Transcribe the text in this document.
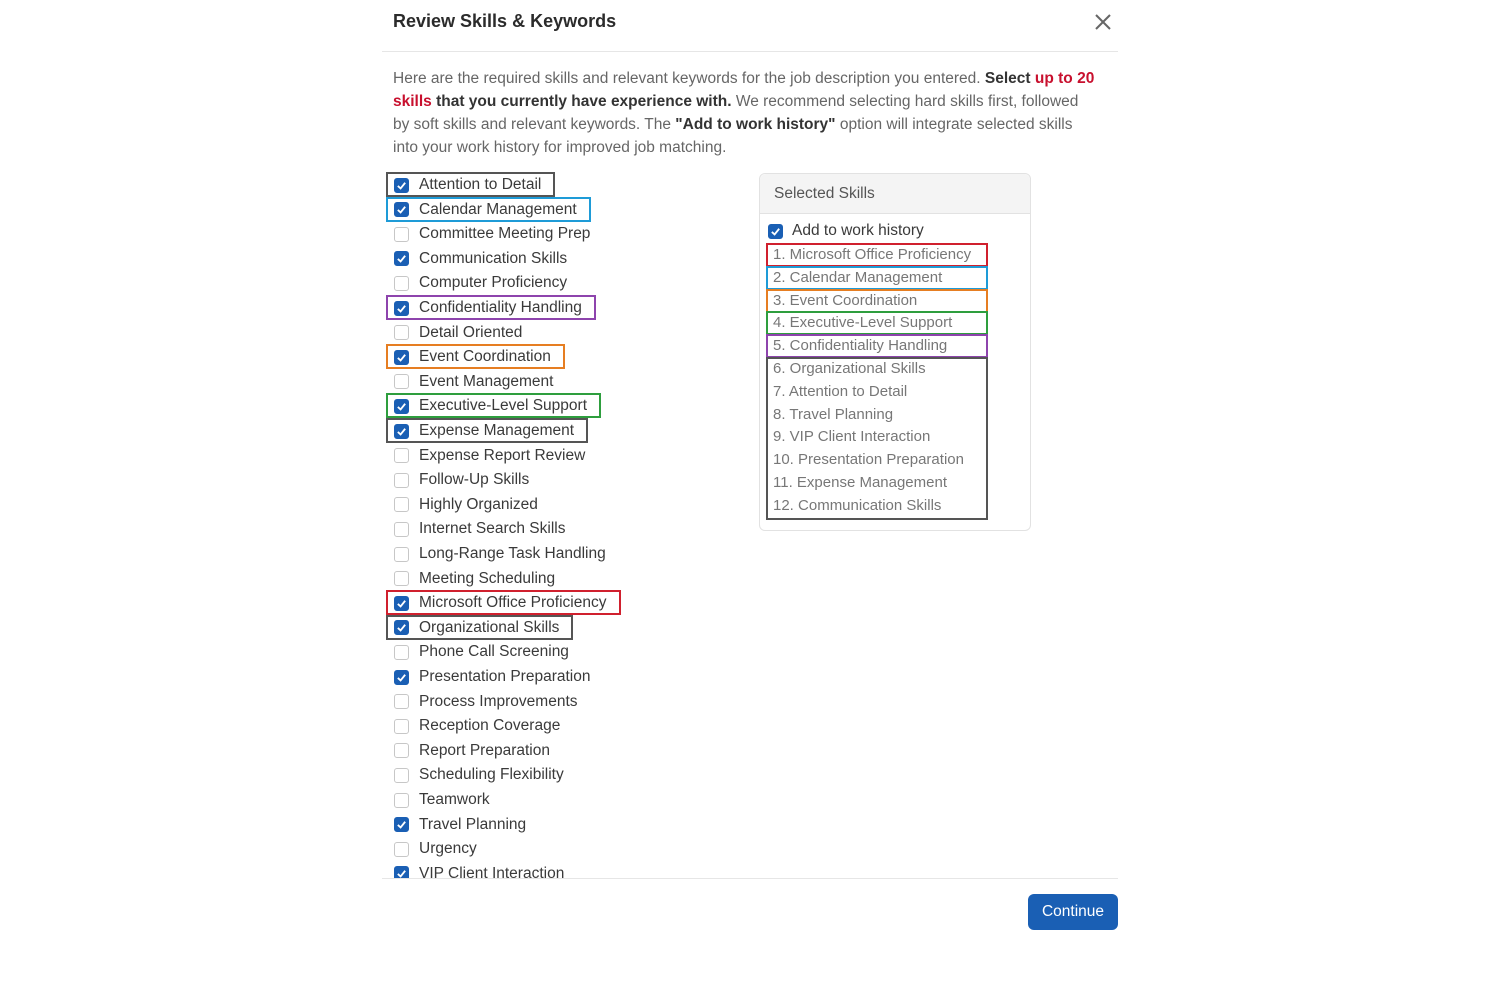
Review Skills & Keywords

Here are the required skills and relevant keywords for the job description you entered. Select up to 20 skills that you currently have experience with. We recommend selecting hard skills first, followed by soft skills and relevant keywords. The "Add to work history" option will integrate selected skills into your work history for improved job matching.

Attention to Detail
Calendar Management
Committee Meeting Prep
Communication Skills
Computer Proficiency
Confidentiality Handling
Detail Oriented
Event Coordination
Event Management
Executive-Level Support
Expense Management
Expense Report Review
Follow-Up Skills
Highly Organized
Internet Search Skills
Long-Range Task Handling
Meeting Scheduling
Microsoft Office Proficiency
Organizational Skills
Phone Call Screening
Presentation Preparation
Process Improvements
Reception Coverage
Report Preparation
Scheduling Flexibility
Teamwork
Travel Planning
Urgency
VIP Client Interaction
Selected Skills
Add to work history
1. Microsoft Office Proficiency
2. Calendar Management
3. Event Coordination
4. Executive-Level Support
5. Confidentiality Handling
6. Organizational Skills
7. Attention to Detail
8. Travel Planning
9. VIP Client Interaction
10. Presentation Preparation
11. Expense Management
12. Communication Skills
Continue
